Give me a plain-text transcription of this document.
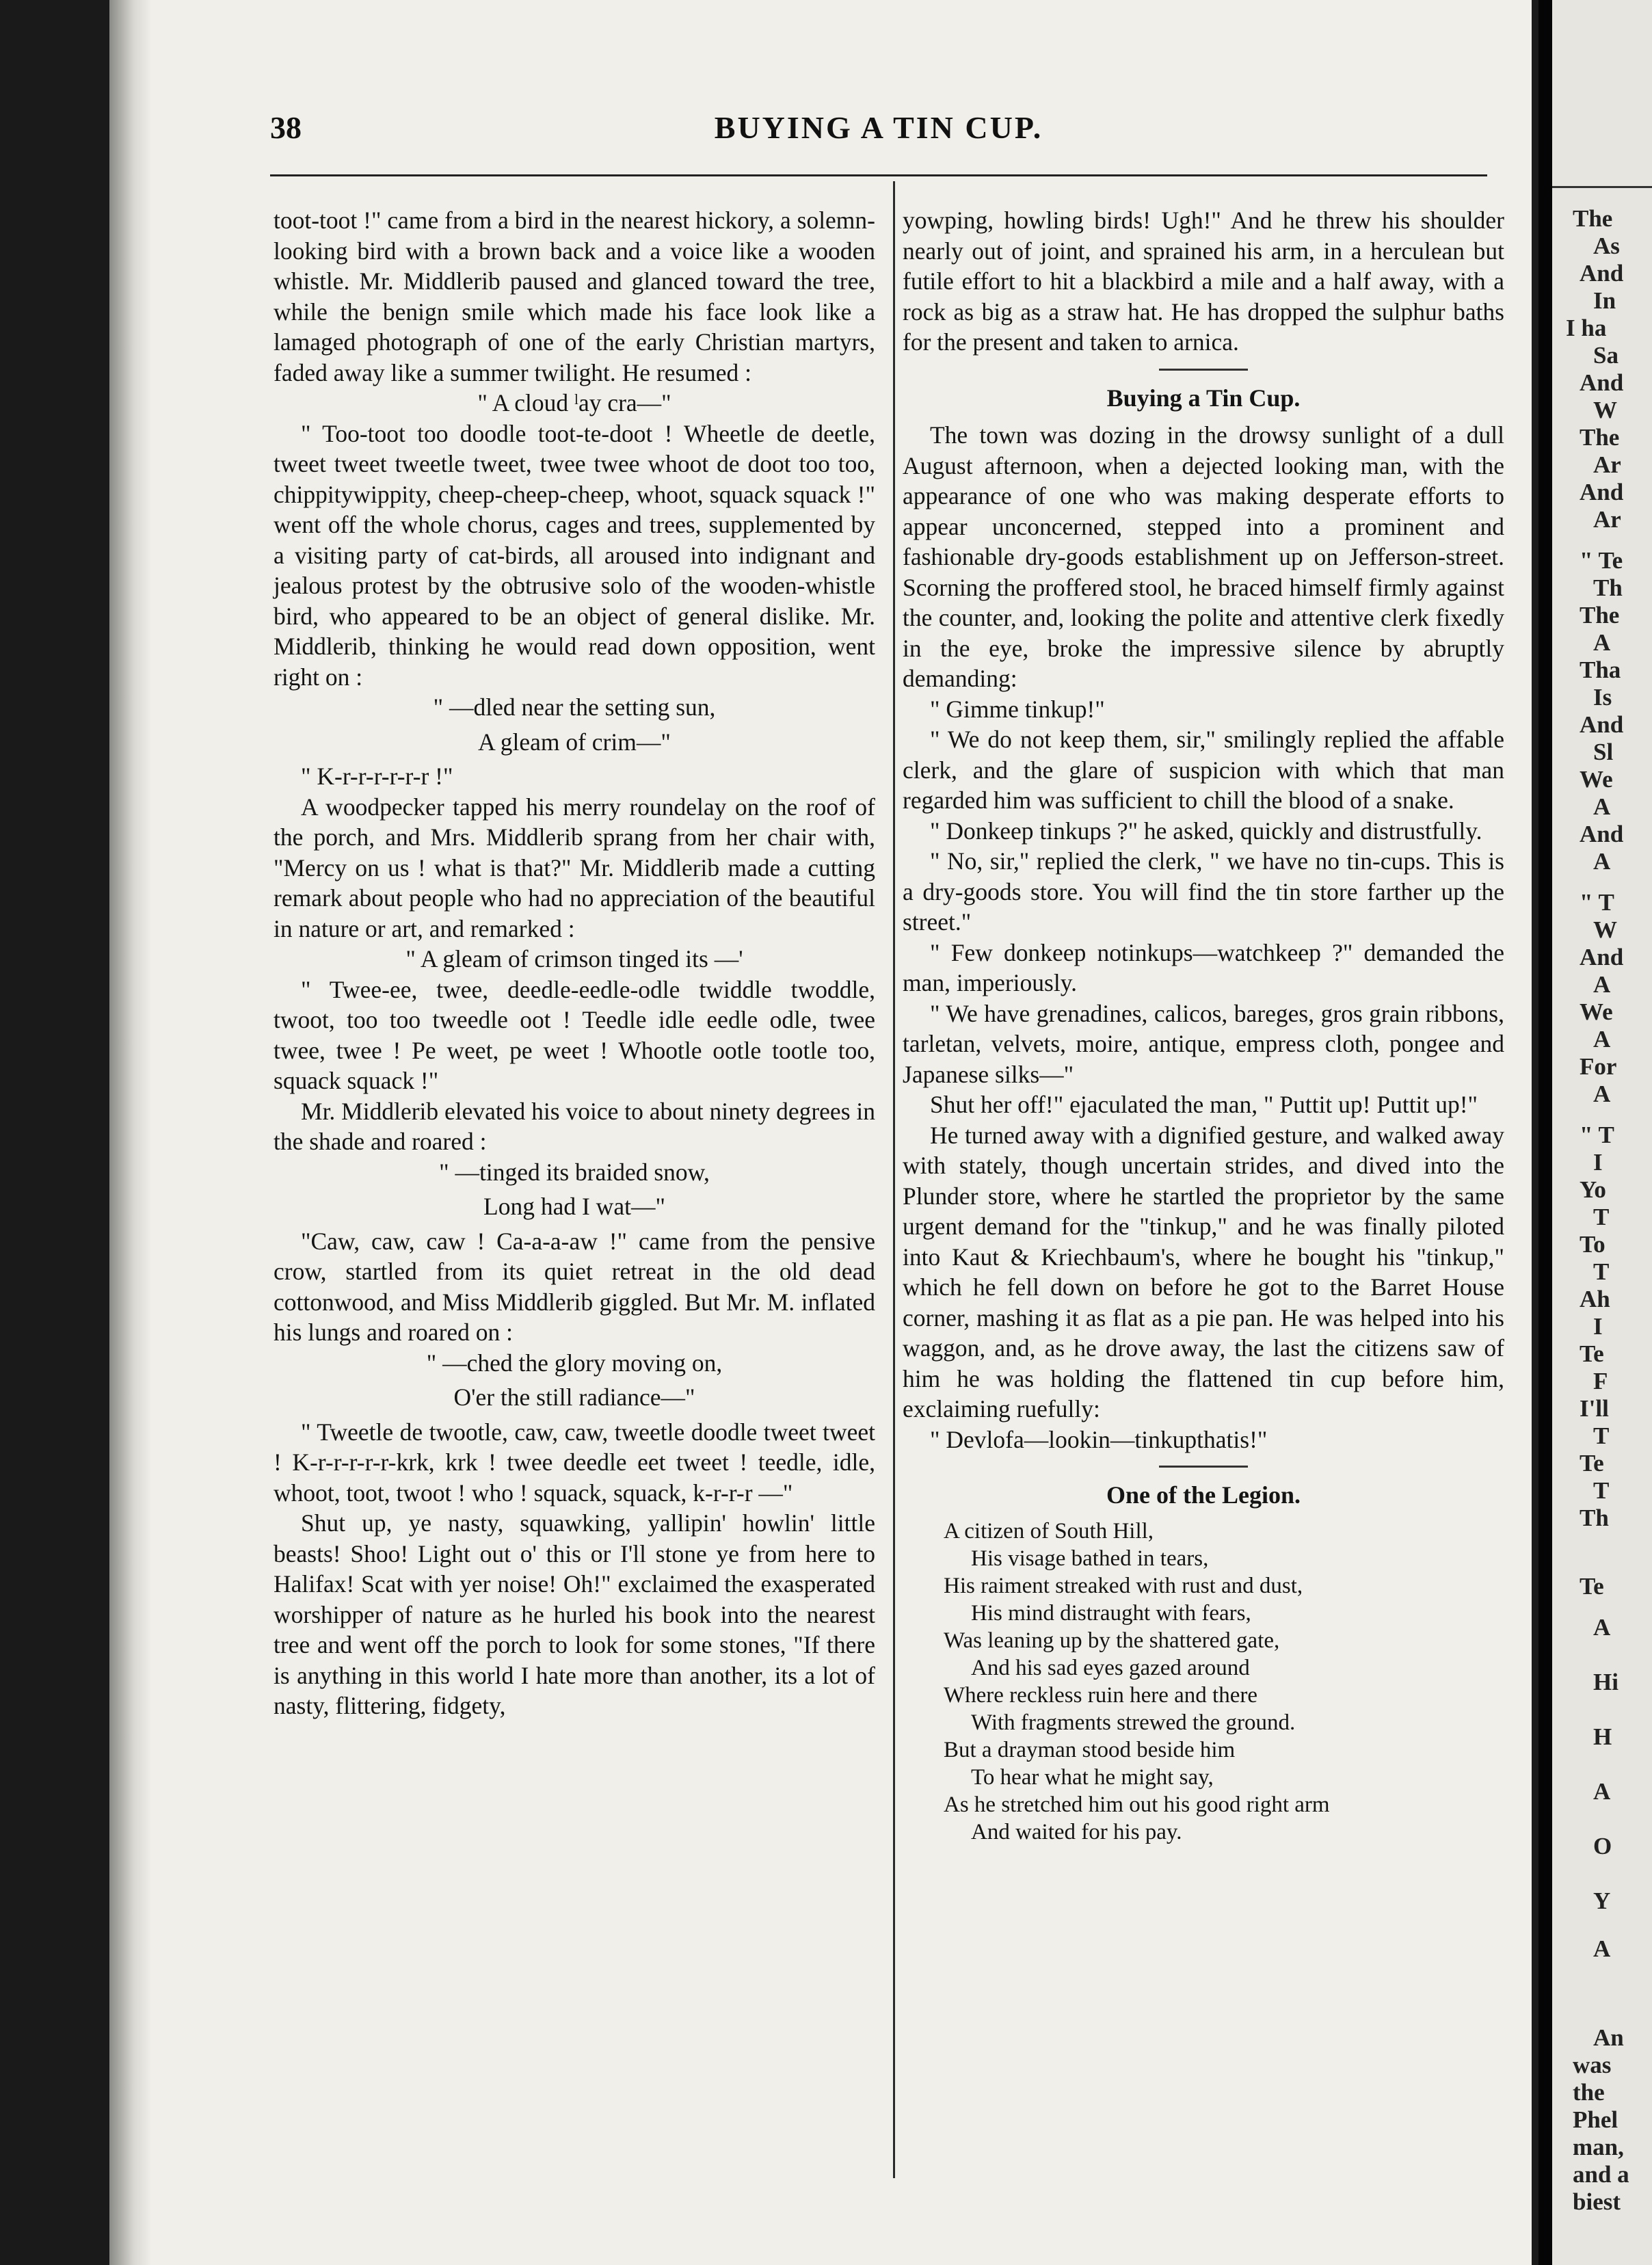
The
As
And
In
I ha
Sa
And
W
The
Ar
And
Ar
" Te
Th
The
A
Tha
Is
And
Sl
We
A
And
A
" T
W
And
A
We
A
For
A
" T
I
Yo
T
To
T
Ah
I
Te
F
I'll
T
Te
T
Th
Te
A
Hi
H
A
O
Y
A
An
was
the
Phel
man,
and a
biest
38	BUYING A TIN CUP.

toot-toot !" came from a bird in the nearest hickory, a solemn-looking bird with a brown back and a voice like a wooden whistle. Mr. Middlerib paused and glanced toward the tree, while the benign smile which made his face look like a lamaged photograph of one of the early Christian martyrs, faded away like a summer twilight. He resumed :

" A cloud ˡay cra—"

" Too-toot too doodle toot-te-doot ! Wheetle de deetle, tweet tweet tweetle tweet, twee twee whoot de doot too too, chippitywippity, cheep-cheep-cheep, whoot, squack squack !" went off the whole chorus, cages and trees, supplemented by a visiting party of cat-birds, all aroused into indignant and jealous protest by the obtrusive solo of the wooden-whistle bird, who appeared to be an object of general dislike. Mr. Middlerib, thinking he would read down opposition, went right on :

" —dled near the setting sun,

A gleam of crim—"

" K-r-r-r-r-r-r !"

A woodpecker tapped his merry roundelay on the roof of the porch, and Mrs. Middlerib sprang from her chair with, "Mercy on us ! what is that?" Mr. Middlerib made a cutting remark about people who had no appreciation of the beautiful in nature or art, and remarked :

" A gleam of crimson tinged its —'

" Twee-ee, twee, deedle-eedle-odle twiddle twoddle, twoot, too too tweedle oot ! Teedle idle eedle odle, twee twee, twee ! Pe weet, pe weet ! Whootle ootle tootle too, squack squack !"

Mr. Middlerib elevated his voice to about ninety degrees in the shade and roared :

" —tinged its braided snow,

Long had I wat—"

"Caw, caw, caw ! Ca-a-a-aw !" came from the pensive crow, startled from its quiet retreat in the old dead cottonwood, and Miss Middlerib giggled. But Mr. M. inflated his lungs and roared on :

" —ched the glory moving on,

O'er the still radiance—"

" Tweetle de twootle, caw, caw, tweetle doodle tweet tweet ! K-r-r-r-r-r-krk, krk ! twee deedle eet tweet ! teedle, idle, whoot, toot, twoot ! who ! squack, squack, k-r-r-r —"

Shut up, ye nasty, squawking, yallipin' howlin' little beasts! Shoo! Light out o' this or I'll stone ye from here to Halifax! Scat with yer noise! Oh!" exclaimed the exasperated worshipper of nature as he hurled his book into the nearest tree and went off the porch to look for some stones, "If there is anything in this world I hate more than another, its a lot of nasty, flittering, fidgety,

yowping, howling birds! Ugh!" And he threw his shoulder nearly out of joint, and sprained his arm, in a herculean but futile effort to hit a blackbird a mile and a half away, with a rock as big as a straw hat. He has dropped the sulphur baths for the present and taken to arnica.

Buying a Tin Cup.

The town was dozing in the drowsy sunlight of a dull August afternoon, when a dejected looking man, with the appearance of one who was making desperate efforts to appear unconcerned, stepped into a prominent and fashionable dry-goods establishment up on Jefferson-street. Scorning the proffered stool, he braced himself firmly against the counter, and, looking the polite and attentive clerk fixedly in the eye, broke the impressive silence by abruptly demanding:

" Gimme tinkup!"

" We do not keep them, sir," smilingly replied the affable clerk, and the glare of suspicion with which that man regarded him was sufficient to chill the blood of a snake.

" Donkeep tinkups ?" he asked, quickly and distrustfully.

" No, sir," replied the clerk, " we have no tin-cups. This is a dry-goods store. You will find the tin store farther up the street."

" Few donkeep notinkups—watchkeep ?" demanded the man, imperiously.

" We have grenadines, calicos, bareges, gros grain ribbons, tarletan, velvets, moire, antique, empress cloth, pongee and Japanese silks—"

Shut her off!" ejaculated the man, " Puttit up! Puttit up!"

He turned away with a dignified gesture, and walked away with stately, though uncertain strides, and dived into the Plunder store, where he startled the proprietor by the same urgent demand for the "tinkup," and he was finally piloted into Kaut & Kriechbaum's, where he bought his "tinkup," which he fell down on before he got to the Barret House corner, mashing it as flat as a pie pan. He was helped into his waggon, and, as he drove away, the last the citizens saw of him he was holding the flattened tin cup before him, exclaiming ruefully:

" Devlofa—lookin—tinkupthatis!"

One of the Legion.
A citizen of South Hill,
His visage bathed in tears,
His raiment streaked with rust and dust,
His mind distraught with fears,
Was leaning up by the shattered gate,
And his sad eyes gazed around
Where reckless ruin here and there
With fragments strewed the ground.
But a drayman stood beside him
To hear what he might say,
As he stretched him out his good right arm
And waited for his pay.
